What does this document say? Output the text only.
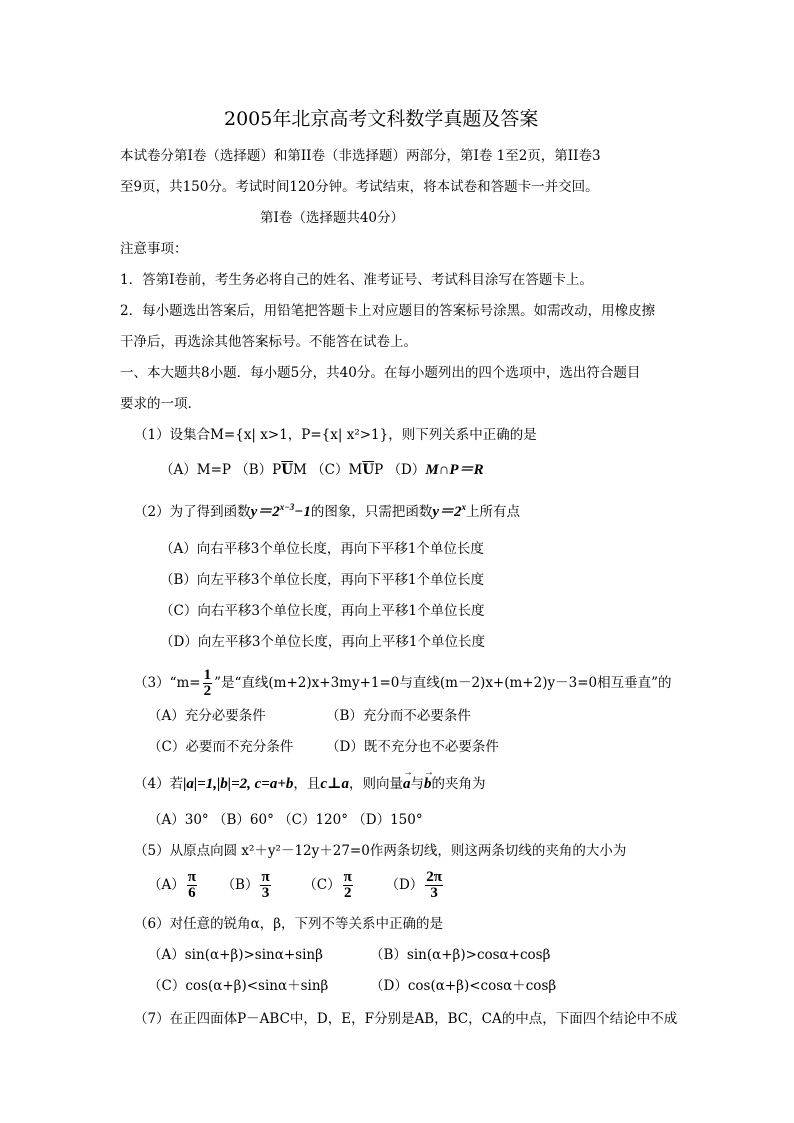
2005年北京高考文科数学真题及答案
本试卷分第Ⅰ卷（选择题）和第II卷（非选择题）两部分，第Ⅰ卷 1至2页，第II卷3
至9页，共150分。考试时间120分钟。考试结束，将本试卷和答题卡一并交回。
第Ⅰ卷（选择题共40分）
注意事项：
1．答第Ⅰ卷前，考生务必将自己的姓名、准考证号、考试科目涂写在答题卡上。
2．每小题选出答案后，用铅笔把答题卡上对应题目的答案标号涂黑。如需改动，用橡皮擦
干净后，再选涂其他答案标号。不能答在试卷上。
一、本大题共8小题．每小题5分，共40分。在每小题列出的四个选项中，选出符合题目
要求的一项.
（1）设集合M={x| x>1，P={x| x²>1}，则下列关系中正确的是
（A）M=P $(B)P\overline{U}M$ $(C)M\overline{U}P$ （D）M∩P＝R
（2）为了得到函数$y=2^{x-3}-1$的图象，只需把函数$y=2^x$上所有点
（A）向右平移3个单位长度，再向下平移1个单位长度
（B）向左平移3个单位长度，再向下平移1个单位长度
（C）向右平移3个单位长度，再向上平移1个单位长度
（D）向左平移3个单位长度，再向上平移1个单位长度
（3）“m= $\frac{1}{2}$ ”是“直线(m+2)x+3my+1=0与直线(m－2)x+(m+2)y－3=0相互垂直”的
（A）充分必要条件	（B）充分而不必要条件
（C）必要而不充分条件 （D）既不充分也不必要条件
（4）若|a|=1,|b|=2, c=a+b，且c⊥a，则向量→ a与→ b的夹角为
（A）30° （B）60° （C）120° （D）150°
（5）从原点向圆 x²＋y²－12y＋27=0作两条切线，则这两条切线的夹角的大小为
$(A) \frac{\pi}{6} (B) \frac{\pi}{3} (C) \frac{\pi}{2} (D) \frac{2\pi}{3}$
（6）对任意的锐角α，β，下列不等关系中正确的是
（A）sin(α+β)>sinα+sinβ	（B）sin(α+β)>cosα+cosβ
（C）cos(α+β)<sinα＋sinβ	（D）cos(α+β)<cosα＋cosβ
（7）在正四面体P－ABC中，D，E，F分别是AB，BC，CA的中点，下面四个结论中不成
